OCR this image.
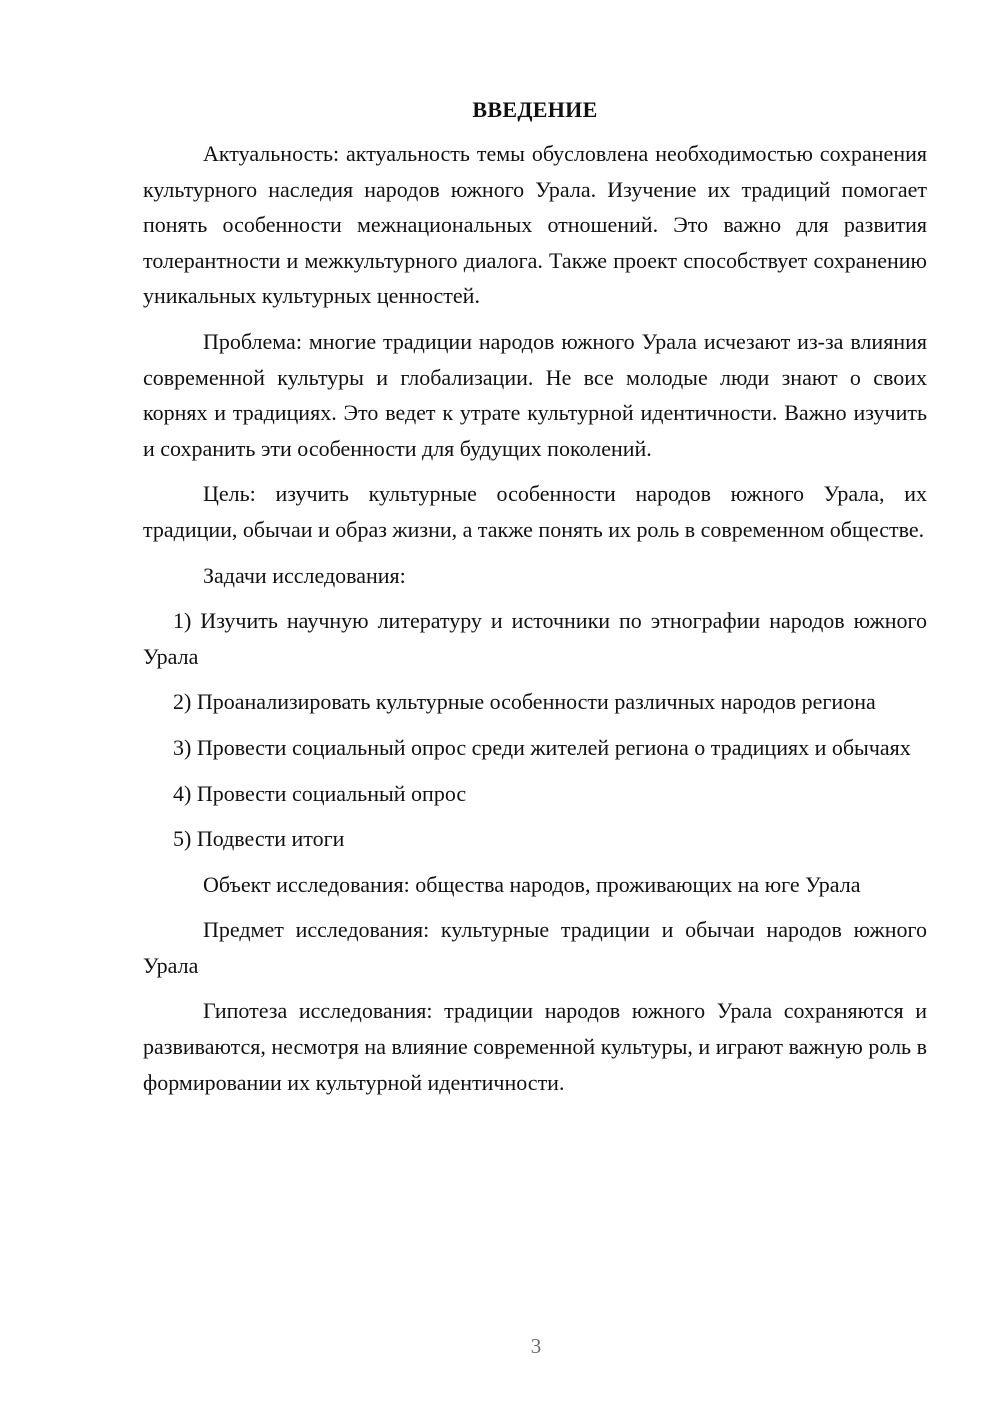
ВВЕДЕНИЕ

Актуальность: актуальность темы обусловлена необходимостью сохранения культурного наследия народов южного Урала. Изучение их традиций помогает понять особенности межнациональных отношений. Это важно для развития толерантности и межкультурного диалога. Также проект способствует сохранению уникальных культурных ценностей.

Проблема: многие традиции народов южного Урала исчезают из-за влияния современной культуры и глобализации. Не все молодые люди знают о своих корнях и традициях. Это ведет к утрате культурной идентичности. Важно изучить и сохранить эти особенности для будущих поколений.

Цель: изучить культурные особенности народов южного Урала, их традиции, обычаи и образ жизни, а также понять их роль в современном обществе.

Задачи исследования:

1) Изучить научную литературу и источники по этнографии народов южного Урала

2) Проанализировать культурные особенности различных народов региона

3) Провести социальный опрос среди жителей региона о традициях и обычаях

4) Провести социальный опрос

5) Подвести итоги

Объект исследования: общества народов, проживающих на юге Урала

Предмет исследования: культурные традиции и обычаи народов южного Урала

Гипотеза исследования: традиции народов южного Урала сохраняются и развиваются, несмотря на влияние современной культуры, и играют важную роль в формировании их культурной идентичности.

3
